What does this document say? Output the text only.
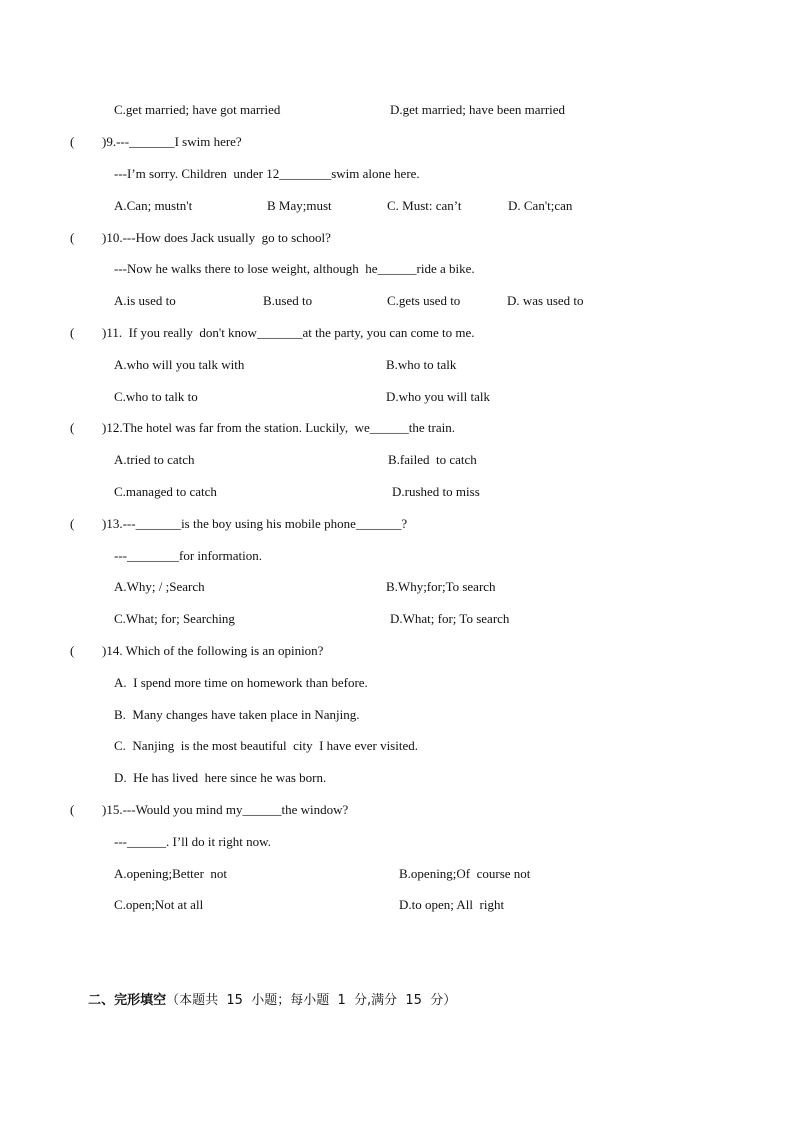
C.get married; have got married	D.get married; have been married
( )9.---_______I swim here?
---I’m sorry. Children  under 12________swim alone here.
A.Can; mustn't	B May;must	C. Must: can’t	D. Can't;can
( )10.---How does Jack usually  go to school?
---Now he walks there to lose weight, although  he______ride a bike.
A.is used to	B.used to	C.gets used to	D. was used to
( )11.  If you really  don't know_______at the party, you can come to me.
A.who will you talk with	B.who to talk
C.who to talk to	D.who you will talk
( )12.The hotel was far from the station. Luckily,  we______the train.
A.tried to catch	B.failed  to catch
C.managed to catch	D.rushed to miss
( )13.---_______is the boy using his mobile phone_______?
---________for information.
A.Why; / ;Search	B.Why;for;To search
C.What; for; Searching	D.What; for; To search
( )14. Which of the following is an opinion?
A.  I spend more time on homework than before.
B.  Many changes have taken place in Nanjing.
C.  Nanjing  is the most beautiful  city  I have ever visited.
D.  He has lived  here since he was born.
( )15.---Would you mind my______the window?
---______. I’ll do it right now.
A.opening;Better  not	B.opening;Of  course not
C.open;Not at all	D.to open; All  right

二、完形填空（本题共  15  小题；每小题  1  分,满分  15  分）
